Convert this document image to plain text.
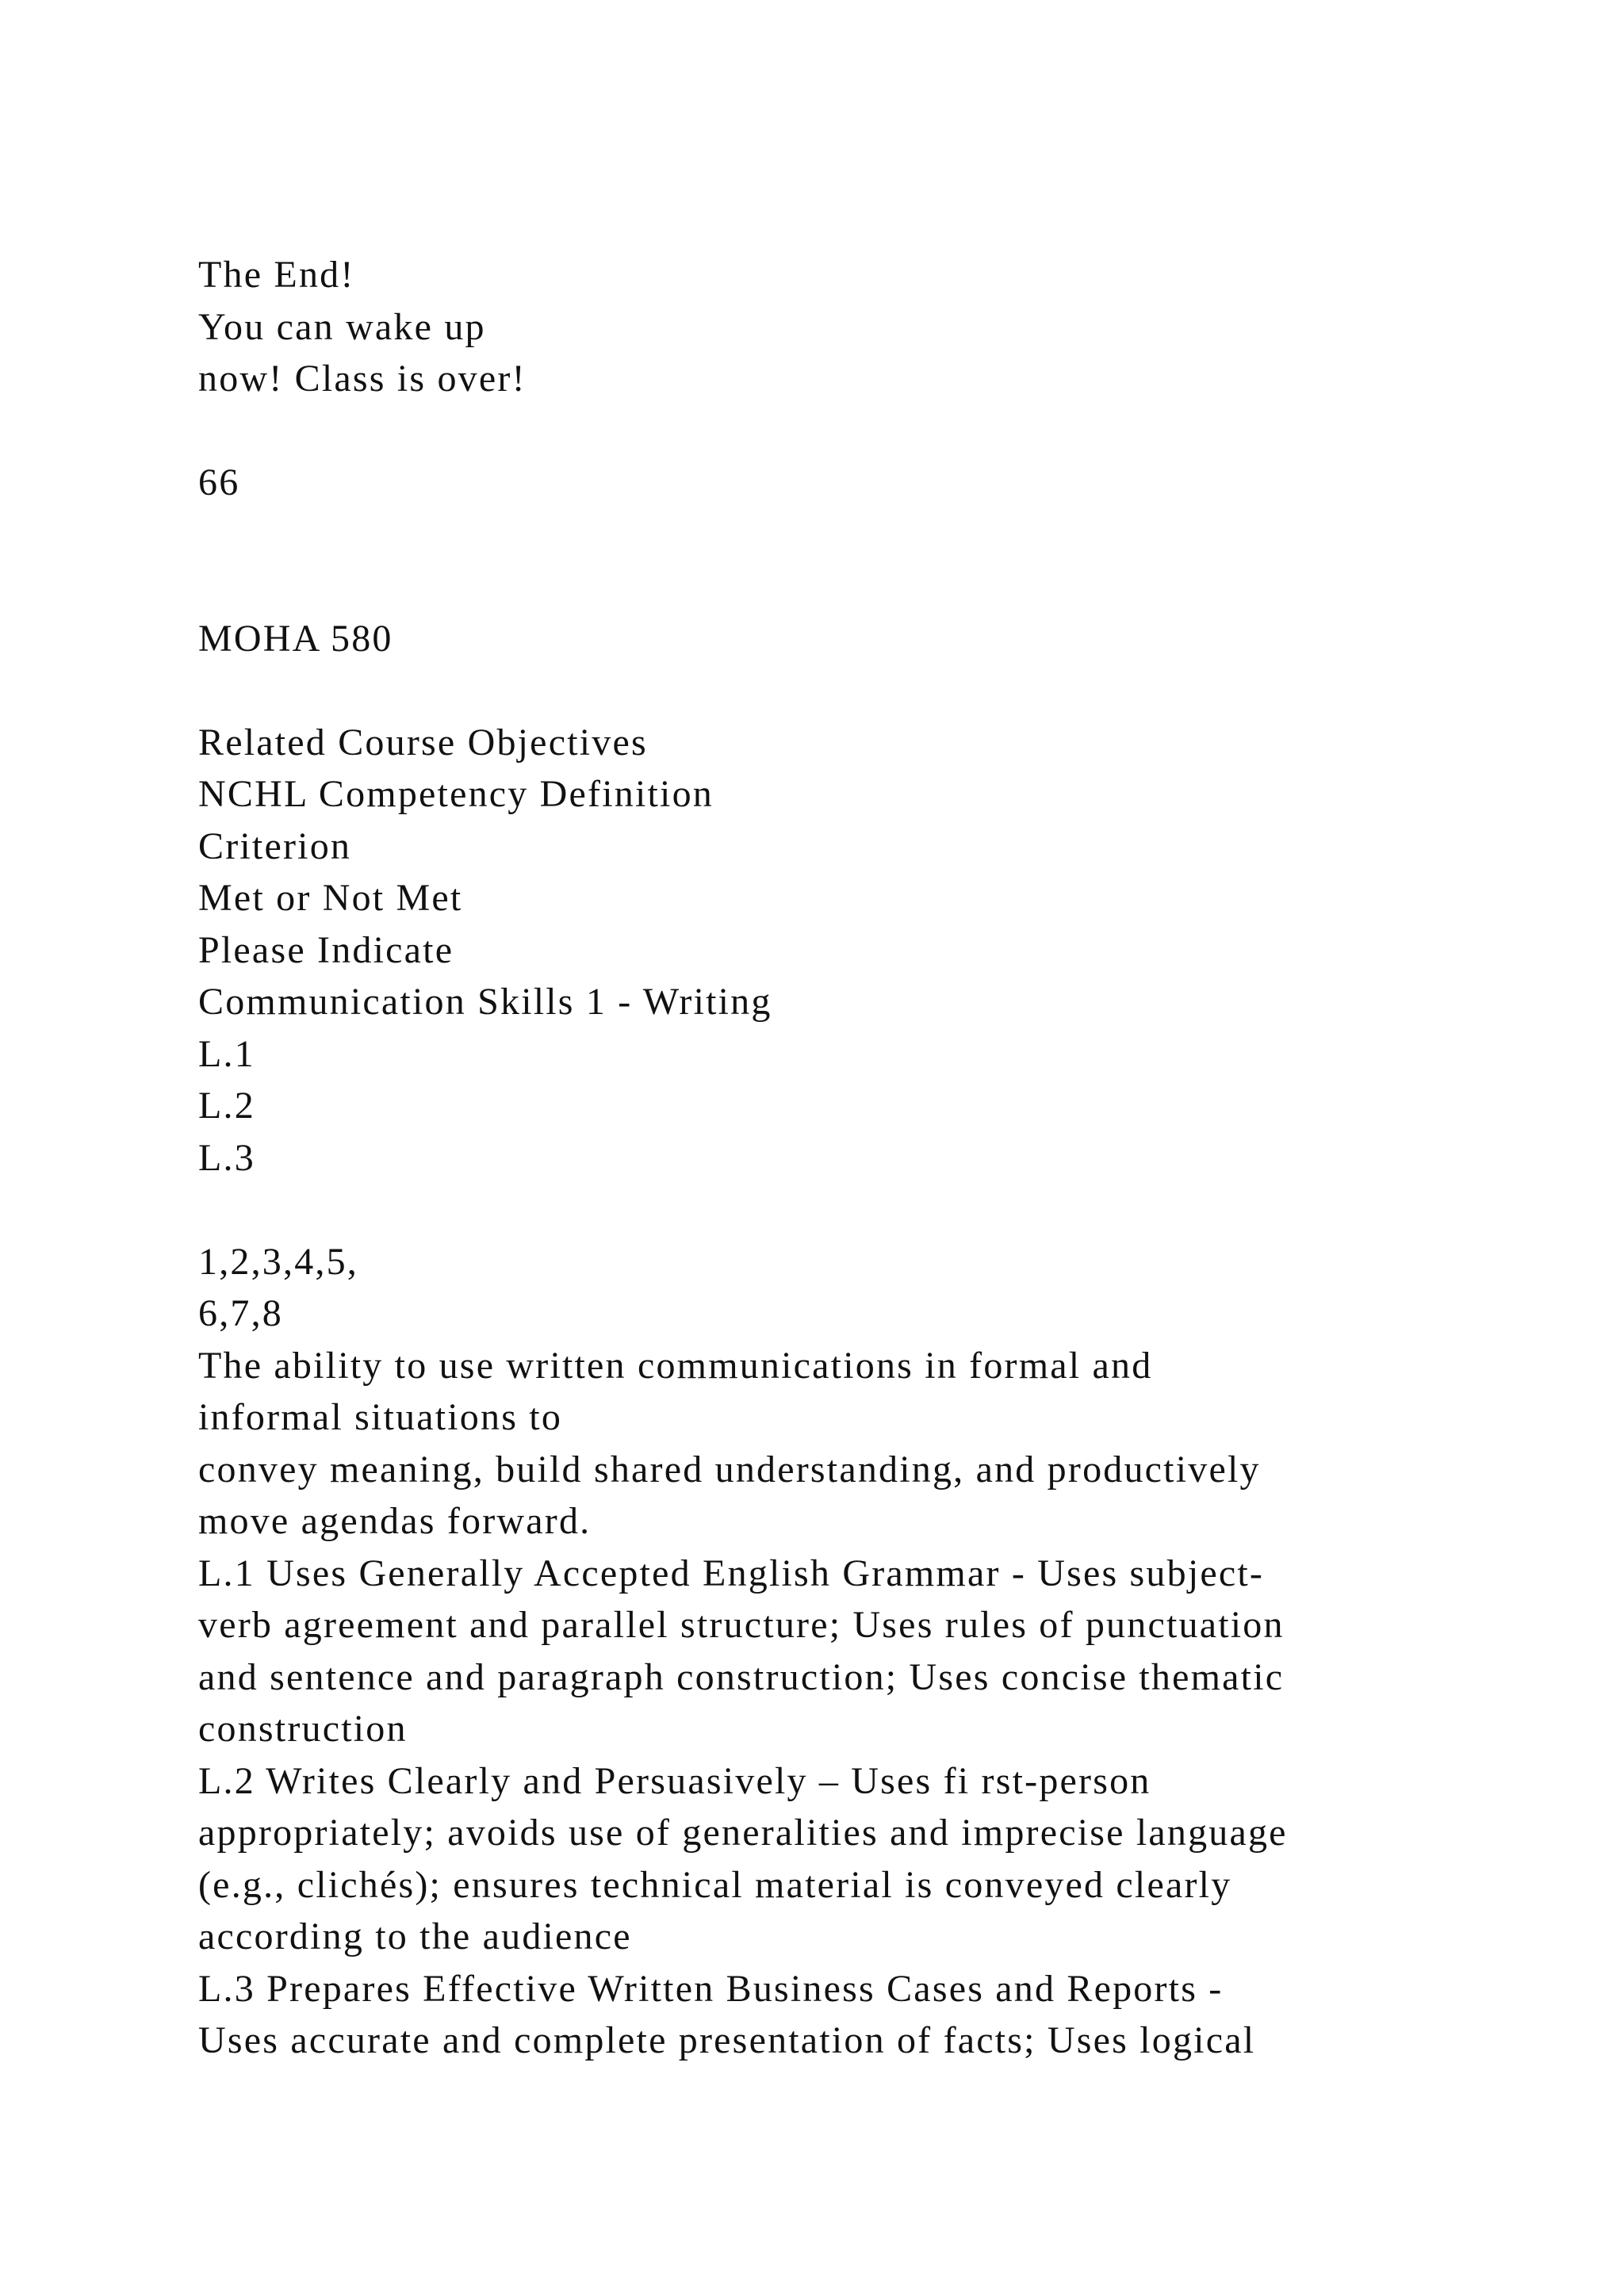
The End!
You can wake up
now! Class is over!
66
MOHA 580
Related Course Objectives
NCHL Competency Definition
Criterion
Met or Not Met
Please Indicate
Communication Skills 1 - Writing
L.1
L.2
L.3
1,2,3,4,5,
6,7,8
The ability to use written communications in formal and
informal situations to
convey meaning, build shared understanding, and productively
move agendas forward.
L.1 Uses Generally Accepted English Grammar - Uses subject-
verb agreement and parallel structure; Uses rules of punctuation
and sentence and paragraph construction; Uses concise thematic
construction
L.2 Writes Clearly and Persuasively – Uses fi rst-person
appropriately; avoids use of generalities and imprecise language
(e.g., clichés); ensures technical material is conveyed clearly
according to the audience
L.3 Prepares Effective Written Business Cases and Reports -
Uses accurate and complete presentation of facts; Uses logical
